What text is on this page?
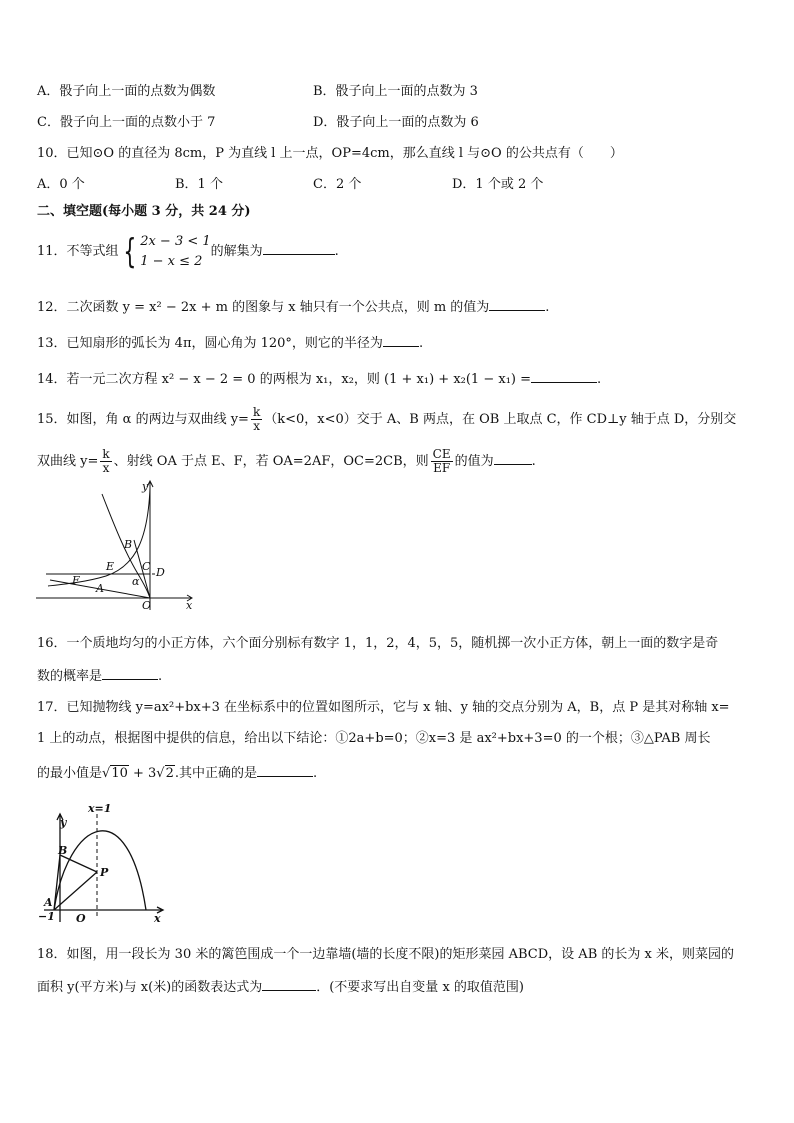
A．骰子向上一面的点数为偶数	B．骰子向上一面的点数为 3
C．骰子向上一面的点数小于 7	D．骰子向上一面的点数为 6
10．已知⊙O 的直径为 8cm，P 为直线 l 上一点，OP=4cm，那么直线 l 与⊙O 的公共点有（　　）
A．0 个	B．1 个	C．2 个	D．1 个或 2 个
二、填空题(每小题 3 分，共 24 分)
11．不等式组 { 2x − 3 < 1
1 − x ≤ 2
的解集为	.
12．二次函数 y = x² − 2x + m 的图象与 x 轴只有一个公共点，则 m 的值为	.
13．已知扇形的弧长为 4π，圆心角为 120°，则它的半径为	.
14．若一元二次方程 x² − x − 2 = 0 的两根为 x₁，x₂，则 (1 + x₁) + x₂(1 − x₁) =	.
15．如图，角 α 的两边与双曲线 $y= \frac{k}{x} (k<0$，x<0）交于 A、B 两点，在 OB 上取点 C，作 CD⊥y 轴于点 D，分别交
双曲线 $y= \frac{k}{x}$ 、射线 OA 于点 E、F，若 OA=2AF，OC=2CB，则 $\frac{CE}{EF}$ 的值为	.
y
x
B
C
E	D
F	α
A
O
16．一个质地均匀的小正方体，六个面分别标有数字 1，1，2，4，5，5，随机掷一次小正方体，朝上一面的数字是奇
数的概率是	.
17．已知抛物线 y=ax²+bx+3 在坐标系中的位置如图所示，它与 x 轴、y 轴的交点分别为 A，B，点 P 是其对称轴 x=
1 上的动点，根据图中提供的信息，给出以下结论：①2a+b=0；②x=3 是 ax²+bx+3=0 的一个根；③△PAB 周长
的最小值是√10 + 3√2.其中正确的是	.
x=1
y
B
P
A
−1 O	x
18．如图，用一段长为 30 米的篱笆围成一个一边靠墙(墙的长度不限)的矩形菜园 ABCD，设 AB 的长为 x 米，则菜园的
面积 y(平方米)与 x(米)的函数表达式为	．(不要求写出自变量 x 的取值范围)
